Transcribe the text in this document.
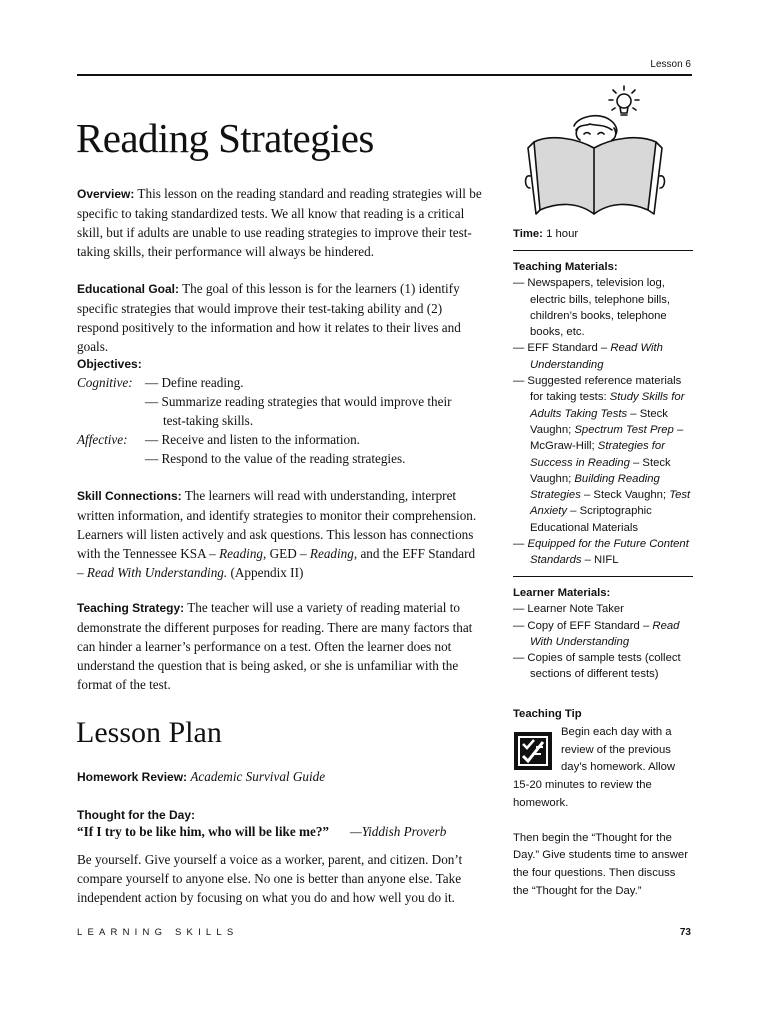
Lesson 6
Reading Strategies

Overview: This lesson on the reading standard and reading strategies will be specific to taking standardized tests. We all know that reading is a critical skill, but if adults are unable to use reading strategies to improve their test-taking skills, their performance will always be hindered.

Educational Goal: The goal of this lesson is for the learners (1) identify specific strategies that would improve their test-taking ability and (2) respond positively to the information and how it relates to their lives and goals.

Objectives:
Cognitive: — Define reading.
— Summarize reading strategies that would improve their
test-taking skills.
Affective: — Receive and listen to the information.
— Respond to the value of the reading strategies.

Skill Connections: The learners will read with understanding, interpret written information, and identify strategies to monitor their comprehension. Learners will listen actively and ask questions. This lesson has connections with the Tennessee KSA – Reading, GED – Reading, and the EFF Standard – Read With Understanding. (Appendix II)

Teaching Strategy: The teacher will use a variety of reading material to demonstrate the different purposes for reading. There are many factors that can hinder a learner’s performance on a test. Often the learner does not understand the question that is being asked, or she is unfamiliar with the format of the test.

Lesson Plan

Homework Review: Academic Survival Guide

Thought for the Day:
“If I try to be like him, who will be like me?” —Yiddish Proverb

Be yourself. Give yourself a voice as a worker, parent, and citizen. Don’t compare yourself to anyone else. No one is better than anyone else. Take independent action by focusing on what you do and how well you do it.

LEARNING SKILLS	73

Time: 1 hour

Teaching Materials:

— Newspapers, television log, electric bills, telephone bills, children’s books, telephone books, etc.

— EFF Standard – Read With Understanding

— Suggested reference materials for taking tests: Study Skills for Adults Taking Tests – Steck Vaughn; Spectrum Test Prep – McGraw-Hill; Strategies for Success in Reading – Steck Vaughn; Building Reading Strategies – Steck Vaughn; Test Anxiety – Scriptographic Educational Materials

— Equipped for the Future Content Standards – NIFL

Learner Materials:

— Learner Note Taker

— Copy of EFF Standard – Read With Understanding

— Copies of sample tests (collect sections of different tests)

Teaching Tip

Begin each day with a

review of the previous

day’s homework. Allow

15-20 minutes to review the homework.

Then begin the “Thought for the Day.” Give students time to answer the four questions. Then discuss the “Thought for the Day.”
